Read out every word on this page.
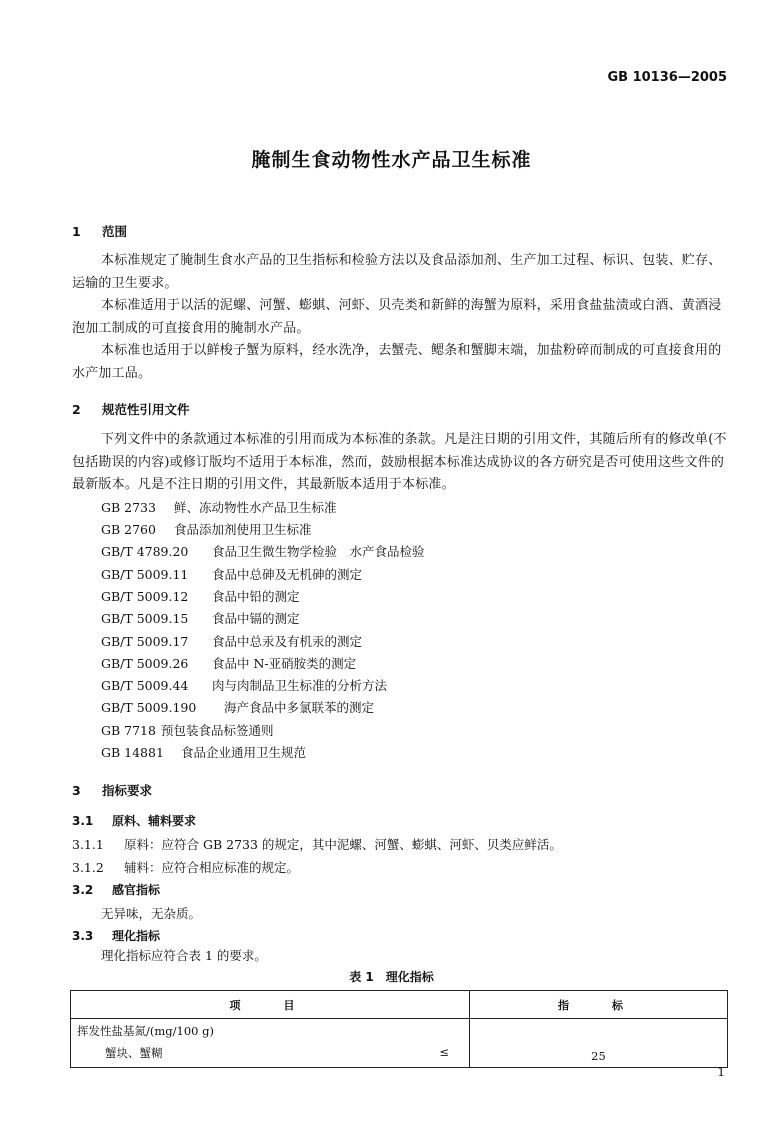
GB 10136—2005
腌制生食动物性水产品卫生标准
1 范围
本标准规定了腌制生食水产品的卫生指标和检验方法以及食品添加剂、生产加工过程、标识、包装、贮存、运输的卫生要求。
本标准适用于以活的泥螺、河蟹、蟛蜞、河虾、贝壳类和新鲜的海蟹为原料，采用食盐盐渍或白酒、黄酒浸泡加工制成的可直接食用的腌制水产品。
本标准也适用于以鲜梭子蟹为原料，经水洗净，去蟹壳、鳃条和蟹脚末端，加盐粉碎而制成的可直接食用的水产加工品。
2 规范性引用文件
下列文件中的条款通过本标准的引用而成为本标准的条款。凡是注日期的引用文件，其随后所有的修改单(不包括勘误的内容)或修订版均不适用于本标准，然而，鼓励根据本标准达成协议的各方研究是否可使用这些文件的最新版本。凡是不注日期的引用文件，其最新版本适用于本标准。
GB 2733 鲜、冻动物性水产品卫生标准
GB 2760 食品添加剂使用卫生标准
GB/T 4789.20 食品卫生微生物学检验　水产食品检验
GB/T 5009.11 食品中总砷及无机砷的测定
GB/T 5009.12 食品中铅的测定
GB/T 5009.15 食品中镉的测定
GB/T 5009.17 食品中总汞及有机汞的测定
GB/T 5009.26 食品中 N-亚硝胺类的测定
GB/T 5009.44 肉与肉制品卫生标准的分析方法
GB/T 5009.190 海产食品中多氯联苯的测定
GB 7718 预包装食品标签通则
GB 14881 食品企业通用卫生规范
3 指标要求
3.1 原料、辅料要求
3.1.1 原料：应符合 GB 2733 的规定，其中泥螺、河蟹、蟛蜞、河虾、贝类应鲜活。
3.1.2 辅料：应符合相应标准的规定。
3.2 感官指标
无异味，无杂质。
3.3 理化指标
理化指标应符合表 1 的要求。
表 1　理化指标
项　目	指　标

挥发性盐基氮/(mg/100 g)
蟹块、蟹糊 ≤	25
1
